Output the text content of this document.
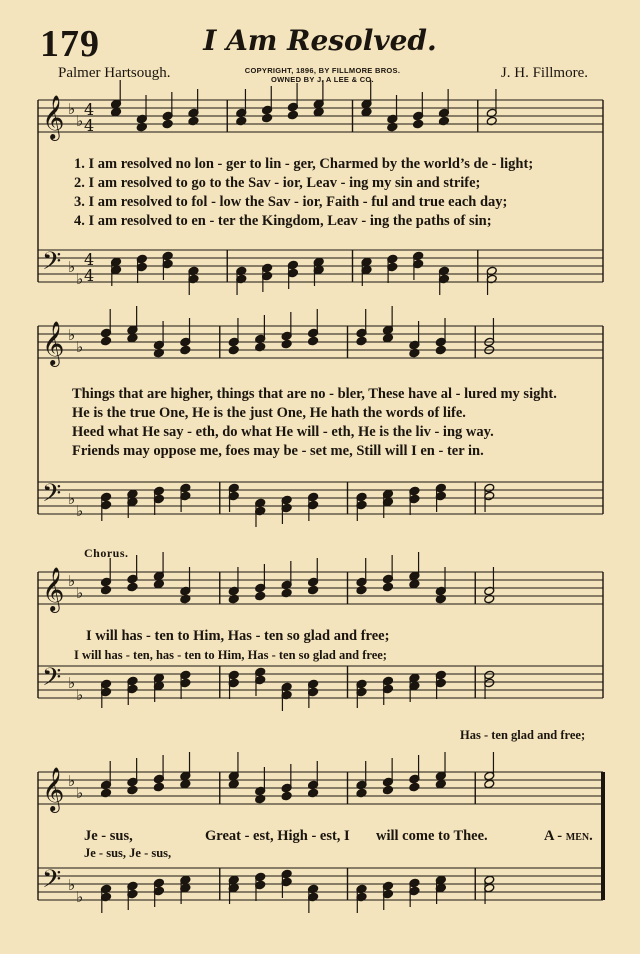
179	I Am Resolved.
Palmer Hartsough.	J. H. Fillmore.
COPYRIGHT, 1896, BY FILLMORE BROS.
OWNED BY J. A LEE & CO.
𝄞
𝄢
♭
♭
♭
♭
4
4
4
4
𝄞
𝄢
♭
♭
♭
♭
𝄞
𝄢
♭
♭
♭
♭
𝄞
𝄢
♭
♭
♭
♭
1. I am resolved no lon - ger to lin - ger, Charmed by the world’s de - light;
2. I am resolved to go to the Sav - ior, Leav - ing my sin and strife;
3. I am resolved to fol - low the Sav - ior, Faith - ful and true each day;
4. I am resolved to en - ter the Kingdom, Leav - ing the paths of sin;
Things that are higher, things that are no - bler, These have al - lured my sight.
He is the true One, He is the just One, He hath the words of life.
Heed what He say - eth, do what He will - eth, He is the liv - ing way.
Friends may oppose me, foes may be - set me, Still will I en - ter in.
Chorus.
I will has - ten to Him, Has - ten so glad and free;
I will has - ten, has - ten to Him, Has - ten so glad and free;
Has - ten glad and free;
Je - sus,	Great - est, High - est, I will come to Thee.	A - men.
Je - sus, Je - sus,
